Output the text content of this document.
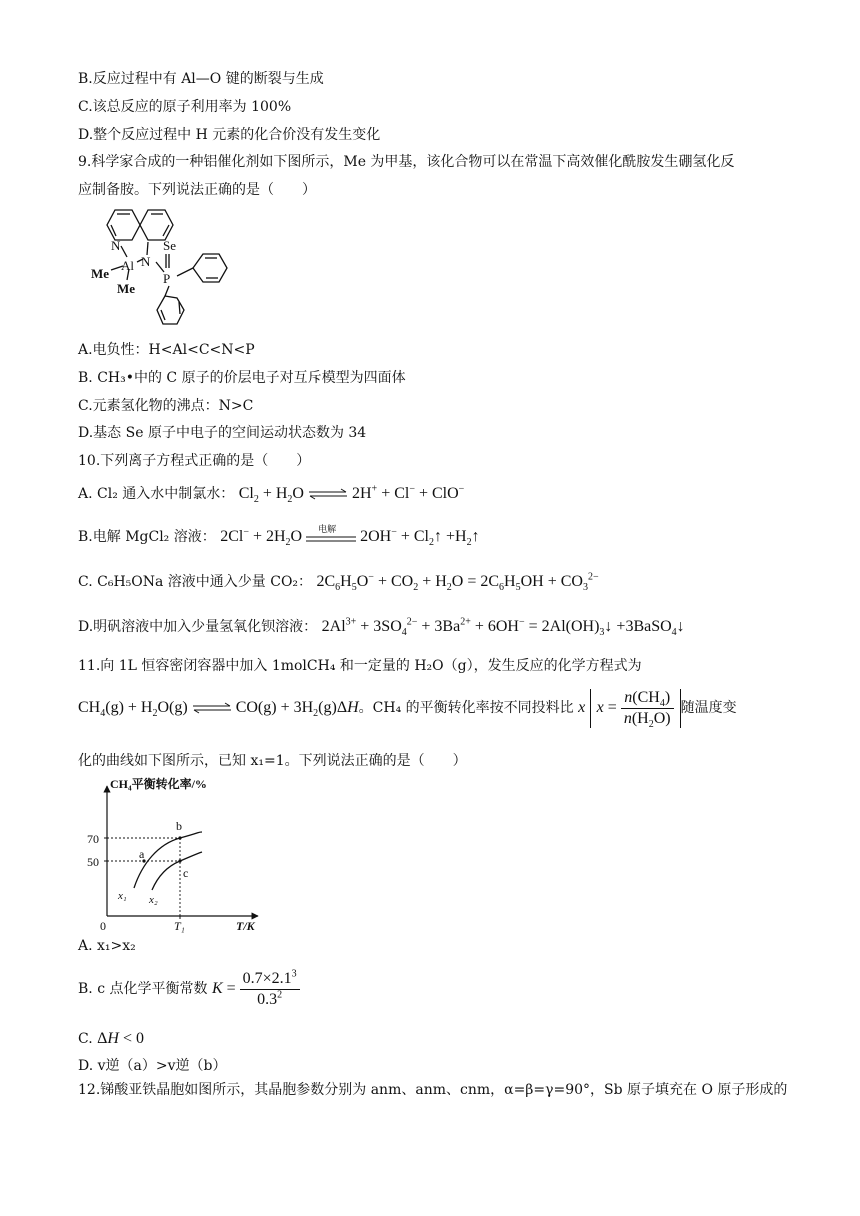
B.反应过程中有 Al—O 键的断裂与生成
C.该总反应的原子利用率为 100%
D.整个反应过程中 H 元素的化合价没有发生变化
9.科学家合成的一种铝催化剂如下图所示，Me 为甲基，该化合物可以在常温下高效催化酰胺发生硼氢化反
应制备胺。下列说法正确的是（　　）
N
N
Se
Al
P
Me
Me
A.电负性：H<Al<C<N<P
B. CH₃•中的 C 原子的价层电子对互斥模型为四面体
C.元素氢化物的沸点：N>C
D.基态 Se 原子中电子的空间运动状态数为 34
10.下列离子方程式正确的是（　　）
A. Cl₂ 通入水中制氯水： $Cl_2 + H_2O$ ⇌ 2H+ + Cl− + ClO−
B.电解 MgCl₂ 溶液： $2Cl^- + 2H_2O$ 电解 $2OH^- + Cl_2↑$ $+H_2↑$
C. C₆H₅ONa 溶液中通入少量 CO₂： $2C_6H_5O^- + CO_2 + H_2O = 2C_6H_5OH + CO_3^{2-}$
D.明矾溶液中加入少量氢氧化钡溶液： $2Al^{3+} + 3SO_4^{2-} + 3Ba^{2+} + 6OH^-$ = $2Al(OH)_3↓$ +3BaSO$_4$↓
11.向 1L 恒容密闭容器中加入 1molCH₄ 和一定量的 H₂O（g），发生反应的化学方程式为
$CH_4(g) + H_2O(g)$ ⇌ $CO(g) + 3H_2(g)\Delta H$。CH₄ 的平衡转化率按不同投料比 x $x = \frac{n(CH_4)}{n(H_2O)}$ 随温度变
化的曲线如下图所示，已知 x₁=1。下列说法正确的是（　　）
CH₄平衡转化率/%
T/K
0
50
70
T₁
x₁ x₂
a
b
c
A. x₁>x₂
B. c 点化学平衡常数 $K = \frac{0.7\times 2.1^3}{0.3^2}$
C. ΔH < 0
D. v逆（a）>v逆（b）
12.锑酸亚铁晶胞如图所示，其晶胞参数分别为 anm、anm、cnm，α=β=γ=90°，Sb 原子填充在 O 原子形成的
